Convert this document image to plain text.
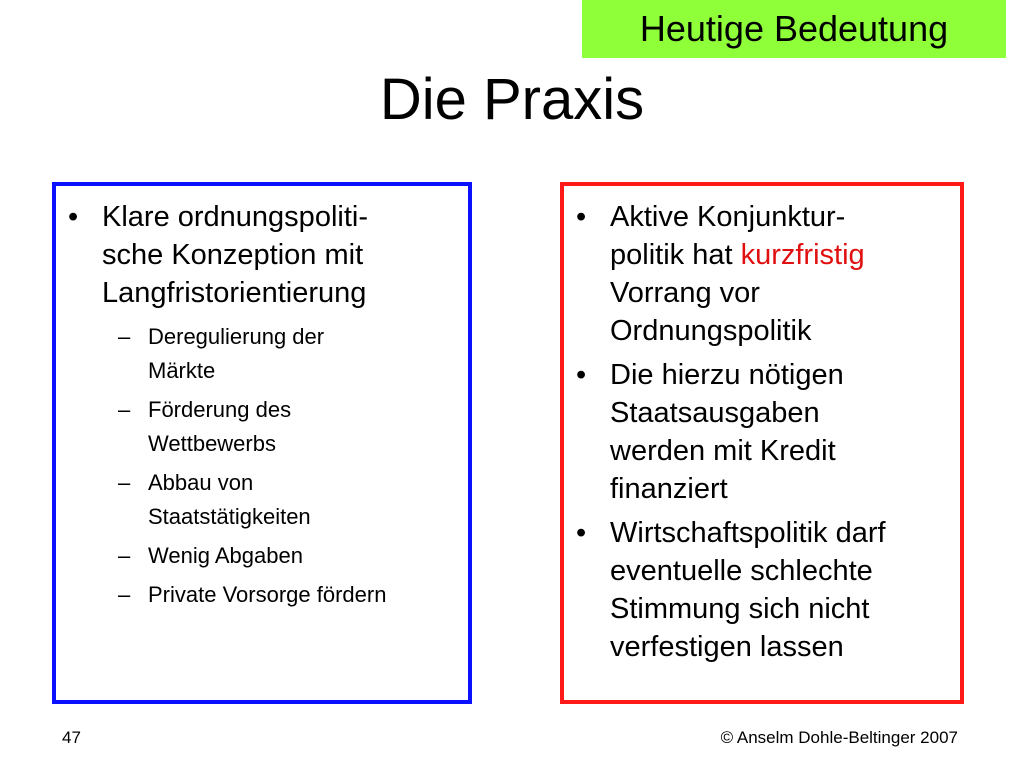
Heutige Bedeutung
Die Praxis
• Klare ordnungspoliti-
sche Konzeption mit
Langfristorientierung
– Deregulierung der
Märkte
– Förderung des
Wettbewerbs
– Abbau von
Staatstätigkeiten
– Wenig Abgaben
– Private Vorsorge fördern
• Aktive Konjunktur-
politik hat kurzfristig
Vorrang vor
Ordnungspolitik
• Die hierzu nötigen
Staatsausgaben
werden mit Kredit
finanziert
• Wirtschaftspolitik darf
eventuelle schlechte
Stimmung sich nicht
verfestigen lassen
47	© Anselm Dohle-Beltinger 2007
